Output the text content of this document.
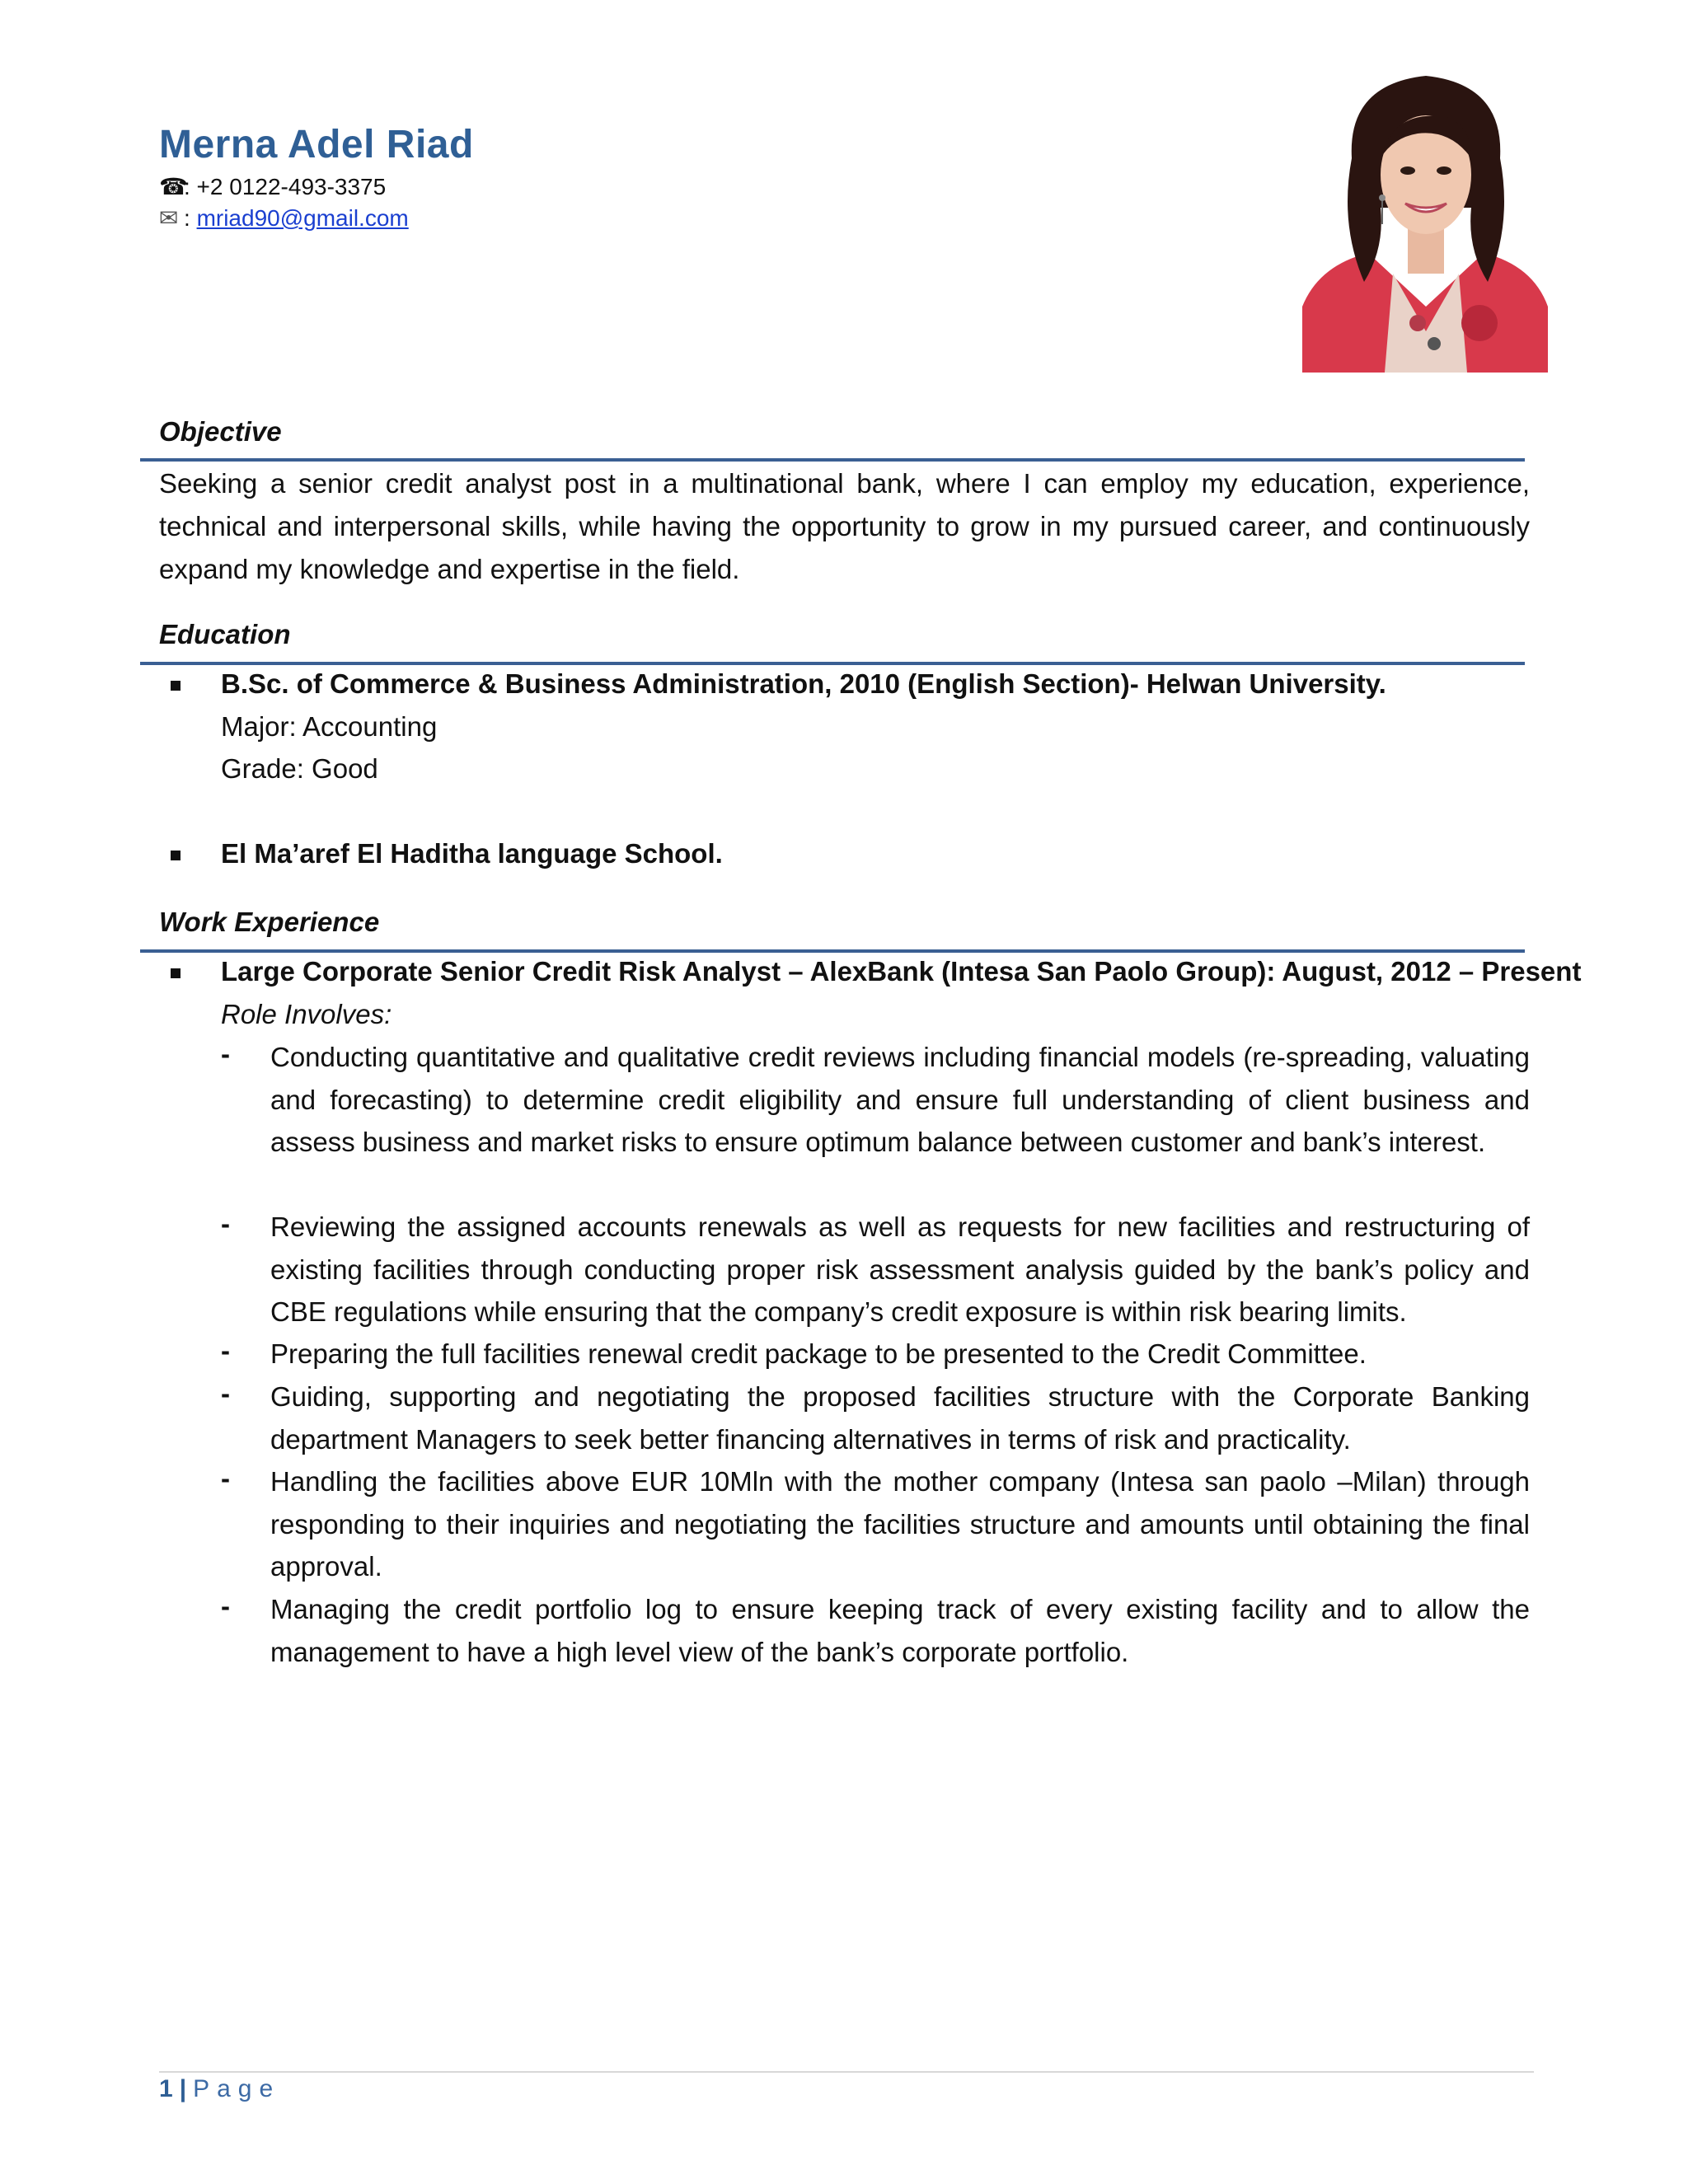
Merna Adel Riad
☎: +2 0122-493-3375
✉ : mriad90@gmail.com
Objective
Seeking a senior credit analyst post in a multinational bank, where I can employ my education, experience, technical and interpersonal skills, while having the opportunity to grow in my pursued career, and continuously expand my knowledge and expertise in the field.
Education
B.Sc. of Commerce & Business Administration, 2010 (English Section)- Helwan University.
Major: Accounting
Grade: Good
El Ma’aref El Haditha language School.
Work Experience
Large Corporate Senior Credit Risk Analyst – AlexBank (Intesa San Paolo Group): August, 2012 – Present
Role Involves:
- Conducting quantitative and qualitative credit reviews including financial models (re-spreading, valuating and forecasting) to determine credit eligibility and ensure full understanding of client business and assess business and market risks to ensure optimum balance between customer and bank’s interest.
- Reviewing the assigned accounts renewals as well as requests for new facilities and restructuring of existing facilities through conducting proper risk assessment analysis guided by the bank’s policy and CBE regulations while ensuring that the company’s credit exposure is within risk bearing limits.
- Preparing the full facilities renewal credit package to be presented to the Credit Committee.
- Guiding, supporting and negotiating the proposed facilities structure with the Corporate Banking department Managers to seek better financing alternatives in terms of risk and practicality.
- Handling the facilities above EUR 10Mln with the mother company (Intesa san paolo –Milan) through responding to their inquiries and negotiating the facilities structure and amounts until obtaining the final approval.
- Managing the credit portfolio log to ensure keeping track of every existing facility and to allow the management to have a high level view of the bank’s corporate portfolio.
1 | Page
